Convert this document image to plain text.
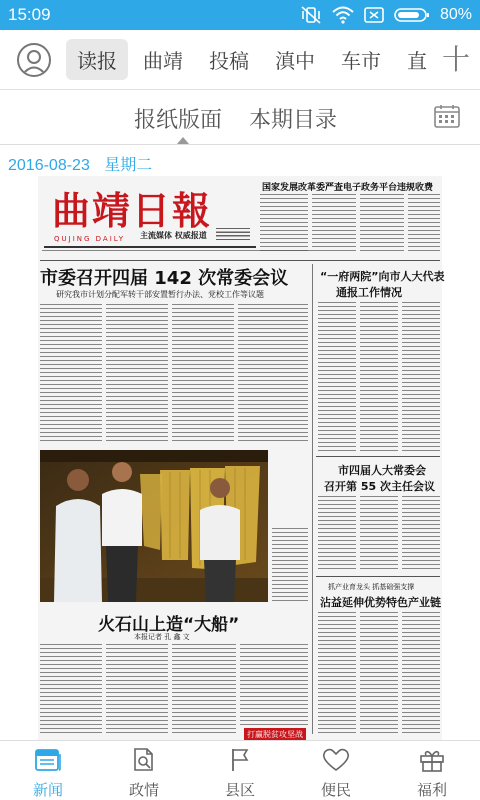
15:09	80%
读报	曲靖	投稿	滇中	车市	直 十
报纸版面 本期目录
2016-08-23 星期二
曲靖日報
QUJING DAILY	主流媒体 权威报道
国家发展改革委严查电子政务平台违规收费
市委召开四届 142 次常委会议
研究我市计划分配军转干部安置暂行办法、党校工作等议题
“一府两院”向市人大代表
通报工作情况
市四届人大常委会
召开第 55 次主任会议
抓产业育龙头 抓基础强支撑
沾益延伸优势特色产业链
火石山上造“大船”
本报记者 孔 鑫 文
打赢脱贫攻坚战
新闻	政情	县区	便民	福利
